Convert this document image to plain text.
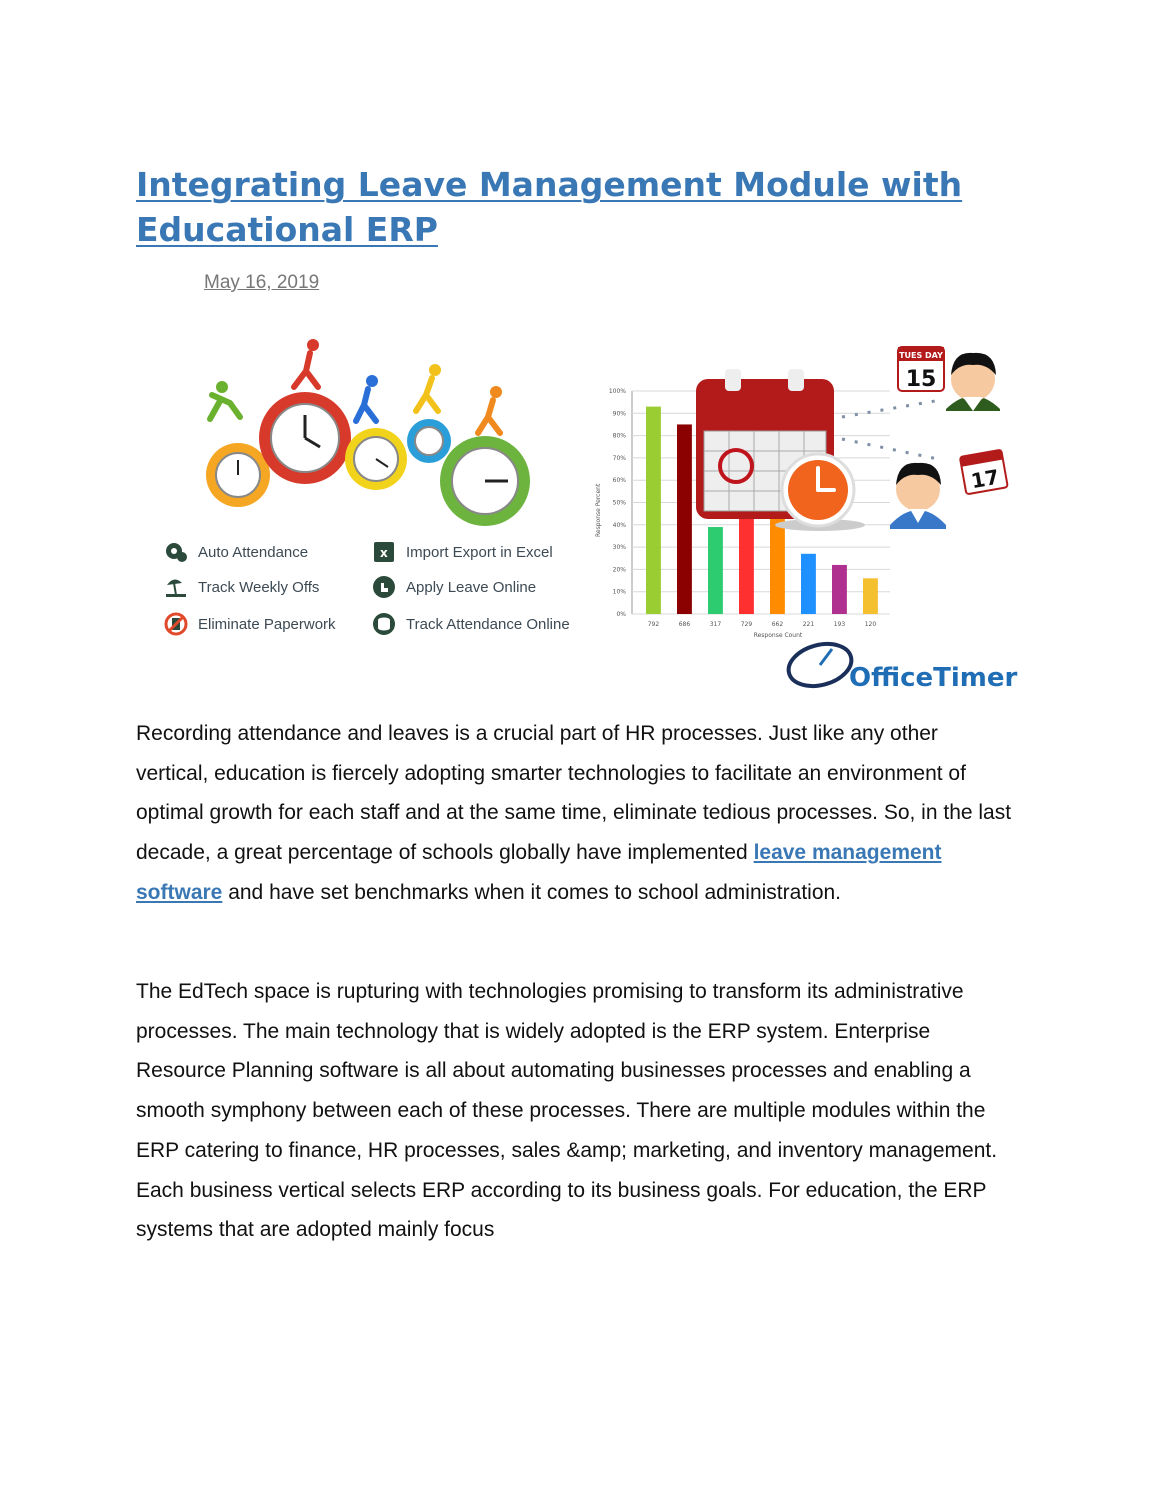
Integrating Leave Management Module with Educational ERP
May 16, 2019
0%
10%
20%
30%
40%
50%
60%
70%
80%
90%
100%
792	686	317	729	662	221	193	120
Response Percent
Response Count
TUES DAY
15
17
OfficeTimer
Auto Attendance
Track Weekly Offs
Eliminate Paperwork
x Import Export in Excel
Apply Leave Online
Track Attendance Online

Recording attendance and leaves is a crucial part of HR processes. Just like any other vertical, education is fiercely adopting smarter technologies to facilitate an environment of optimal growth for each staff and at the same time, eliminate tedious processes. So, in the last decade, a great percentage of schools globally have implemented leave management software and have set benchmarks when it comes to school administration.

The EdTech space is rupturing with technologies promising to transform its administrative processes. The main technology that is widely adopted is the ERP system. Enterprise Resource Planning software is all about automating businesses processes and enabling a smooth symphony between each of these processes. There are multiple modules within the ERP catering to finance, HR processes, sales &amp; marketing, and inventory management. Each business vertical selects ERP according to its business goals. For education, the ERP systems that are adopted mainly focus
